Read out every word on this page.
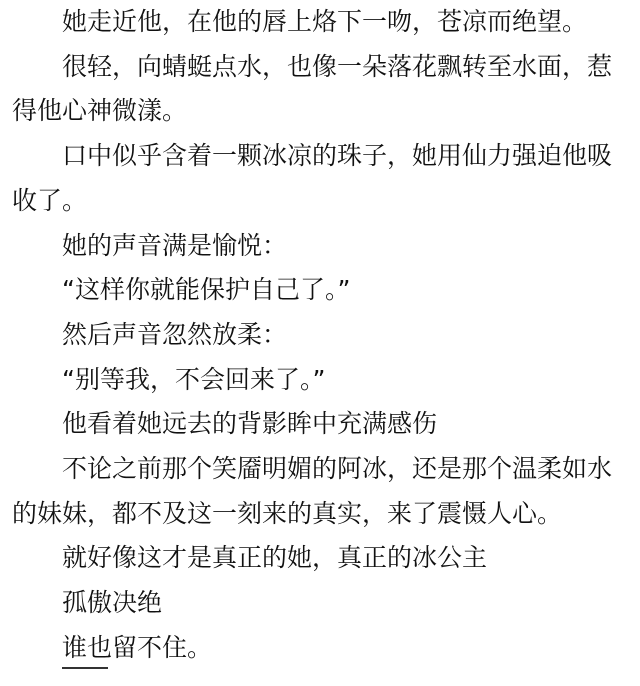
她走近他，在他的唇上烙下一吻，苍凉而绝望。

很轻，向蜻蜓点水，也像一朵落花飘转至水面，惹得他心神微漾。

口中似乎含着一颗冰凉的珠子，她用仙力强迫他吸收了。

她的声音满是愉悦：

“这样你就能保护自己了。”

然后声音忽然放柔：

“别等我，不会回来了。”

他看着她远去的背影眸中充满感伤

不论之前那个笑靥明媚的阿冰，还是那个温柔如水的妹妹，都不及这一刻来的真实，来了震慑人心。

就好像这才是真正的她，真正的冰公主

孤傲决绝

谁也留不住。
